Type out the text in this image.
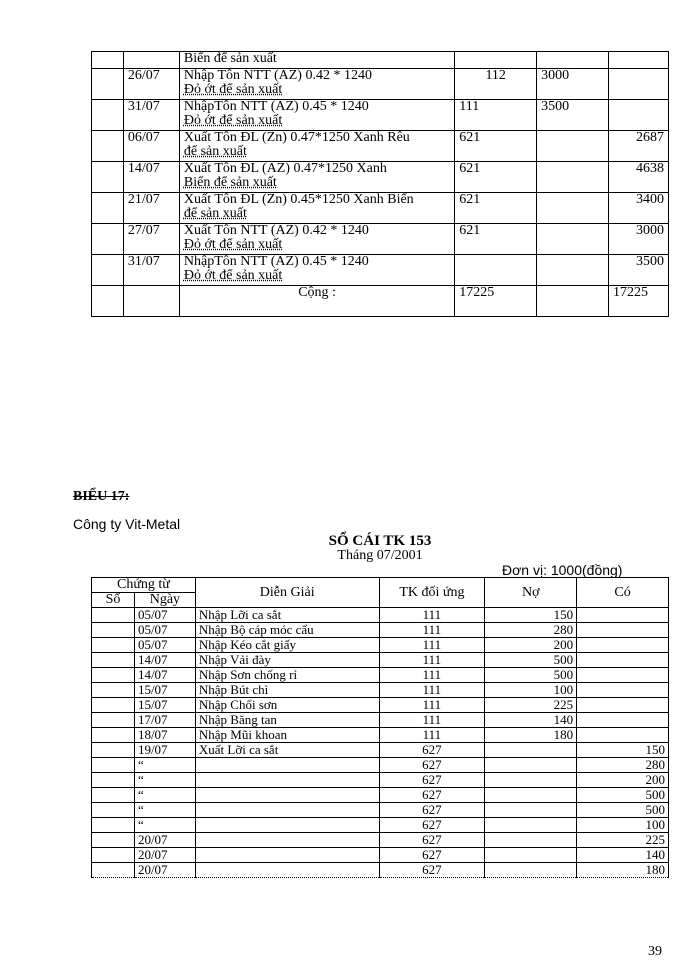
		Biển để sản xuất

	26/07	Nhập Tôn NTT (AZ) 0.42 * 1240
Đỏ ớt để sản xuất	112	3000	
	31/07	NhậpTôn NTT (AZ) 0.45 * 1240
Đỏ ớt để sản xuất	111	3500	
	06/07	Xuất Tôn ĐL (Zn) 0.47*1250 Xanh Rêu
để sản xuất	621		2687
	14/07	Xuất Tôn ĐL (AZ) 0.47*1250 Xanh
Biển để sản xuất	621		4638
	21/07	Xuất Tôn ĐL (Zn) 0.45*1250 Xanh Biển
để sản xuất	621		3400
	27/07	Xuất Tôn NTT (AZ) 0.42 * 1240
Đỏ ớt để sản xuất	621		3000
	31/07	NhậpTôn NTT (AZ) 0.45 * 1240
Đỏ ớt để sản xuất			3500
		Cộng :	17225		17225
BIỂU 17:
Công ty Vit-Metal
SỔ CÁI TK 153
Tháng 07/2001
Đơn vị: 1000(đồng)
Chứng từ		Diễn Giải	TK đối ứng	Nợ	Có
Số	Ngày				
	05/07	Nhập Lỡi ca sắt	111	150	
	05/07	Nhập Bộ cáp móc cẩu	111	280	
	05/07	Nhập Kéo cắt giấy	111	200	
	14/07	Nhập Vải đày	111	500	
	14/07	Nhập Sơn chống rỉ	111	500	
	15/07	Nhập Bút chì	111	100	
	15/07	Nhập Chổi sơn	111	225	
	17/07	Nhập Băng tan	111	140	
	18/07	Nhập Mũi khoan	111	180	
	19/07	Xuất Lỡi ca sắt	627		150
	“		627		280
	“		627		200
	“		627		500
	“		627		500
	“		627		100
	20/07		627		225
	20/07		627		140
	20/07		627		180
39
